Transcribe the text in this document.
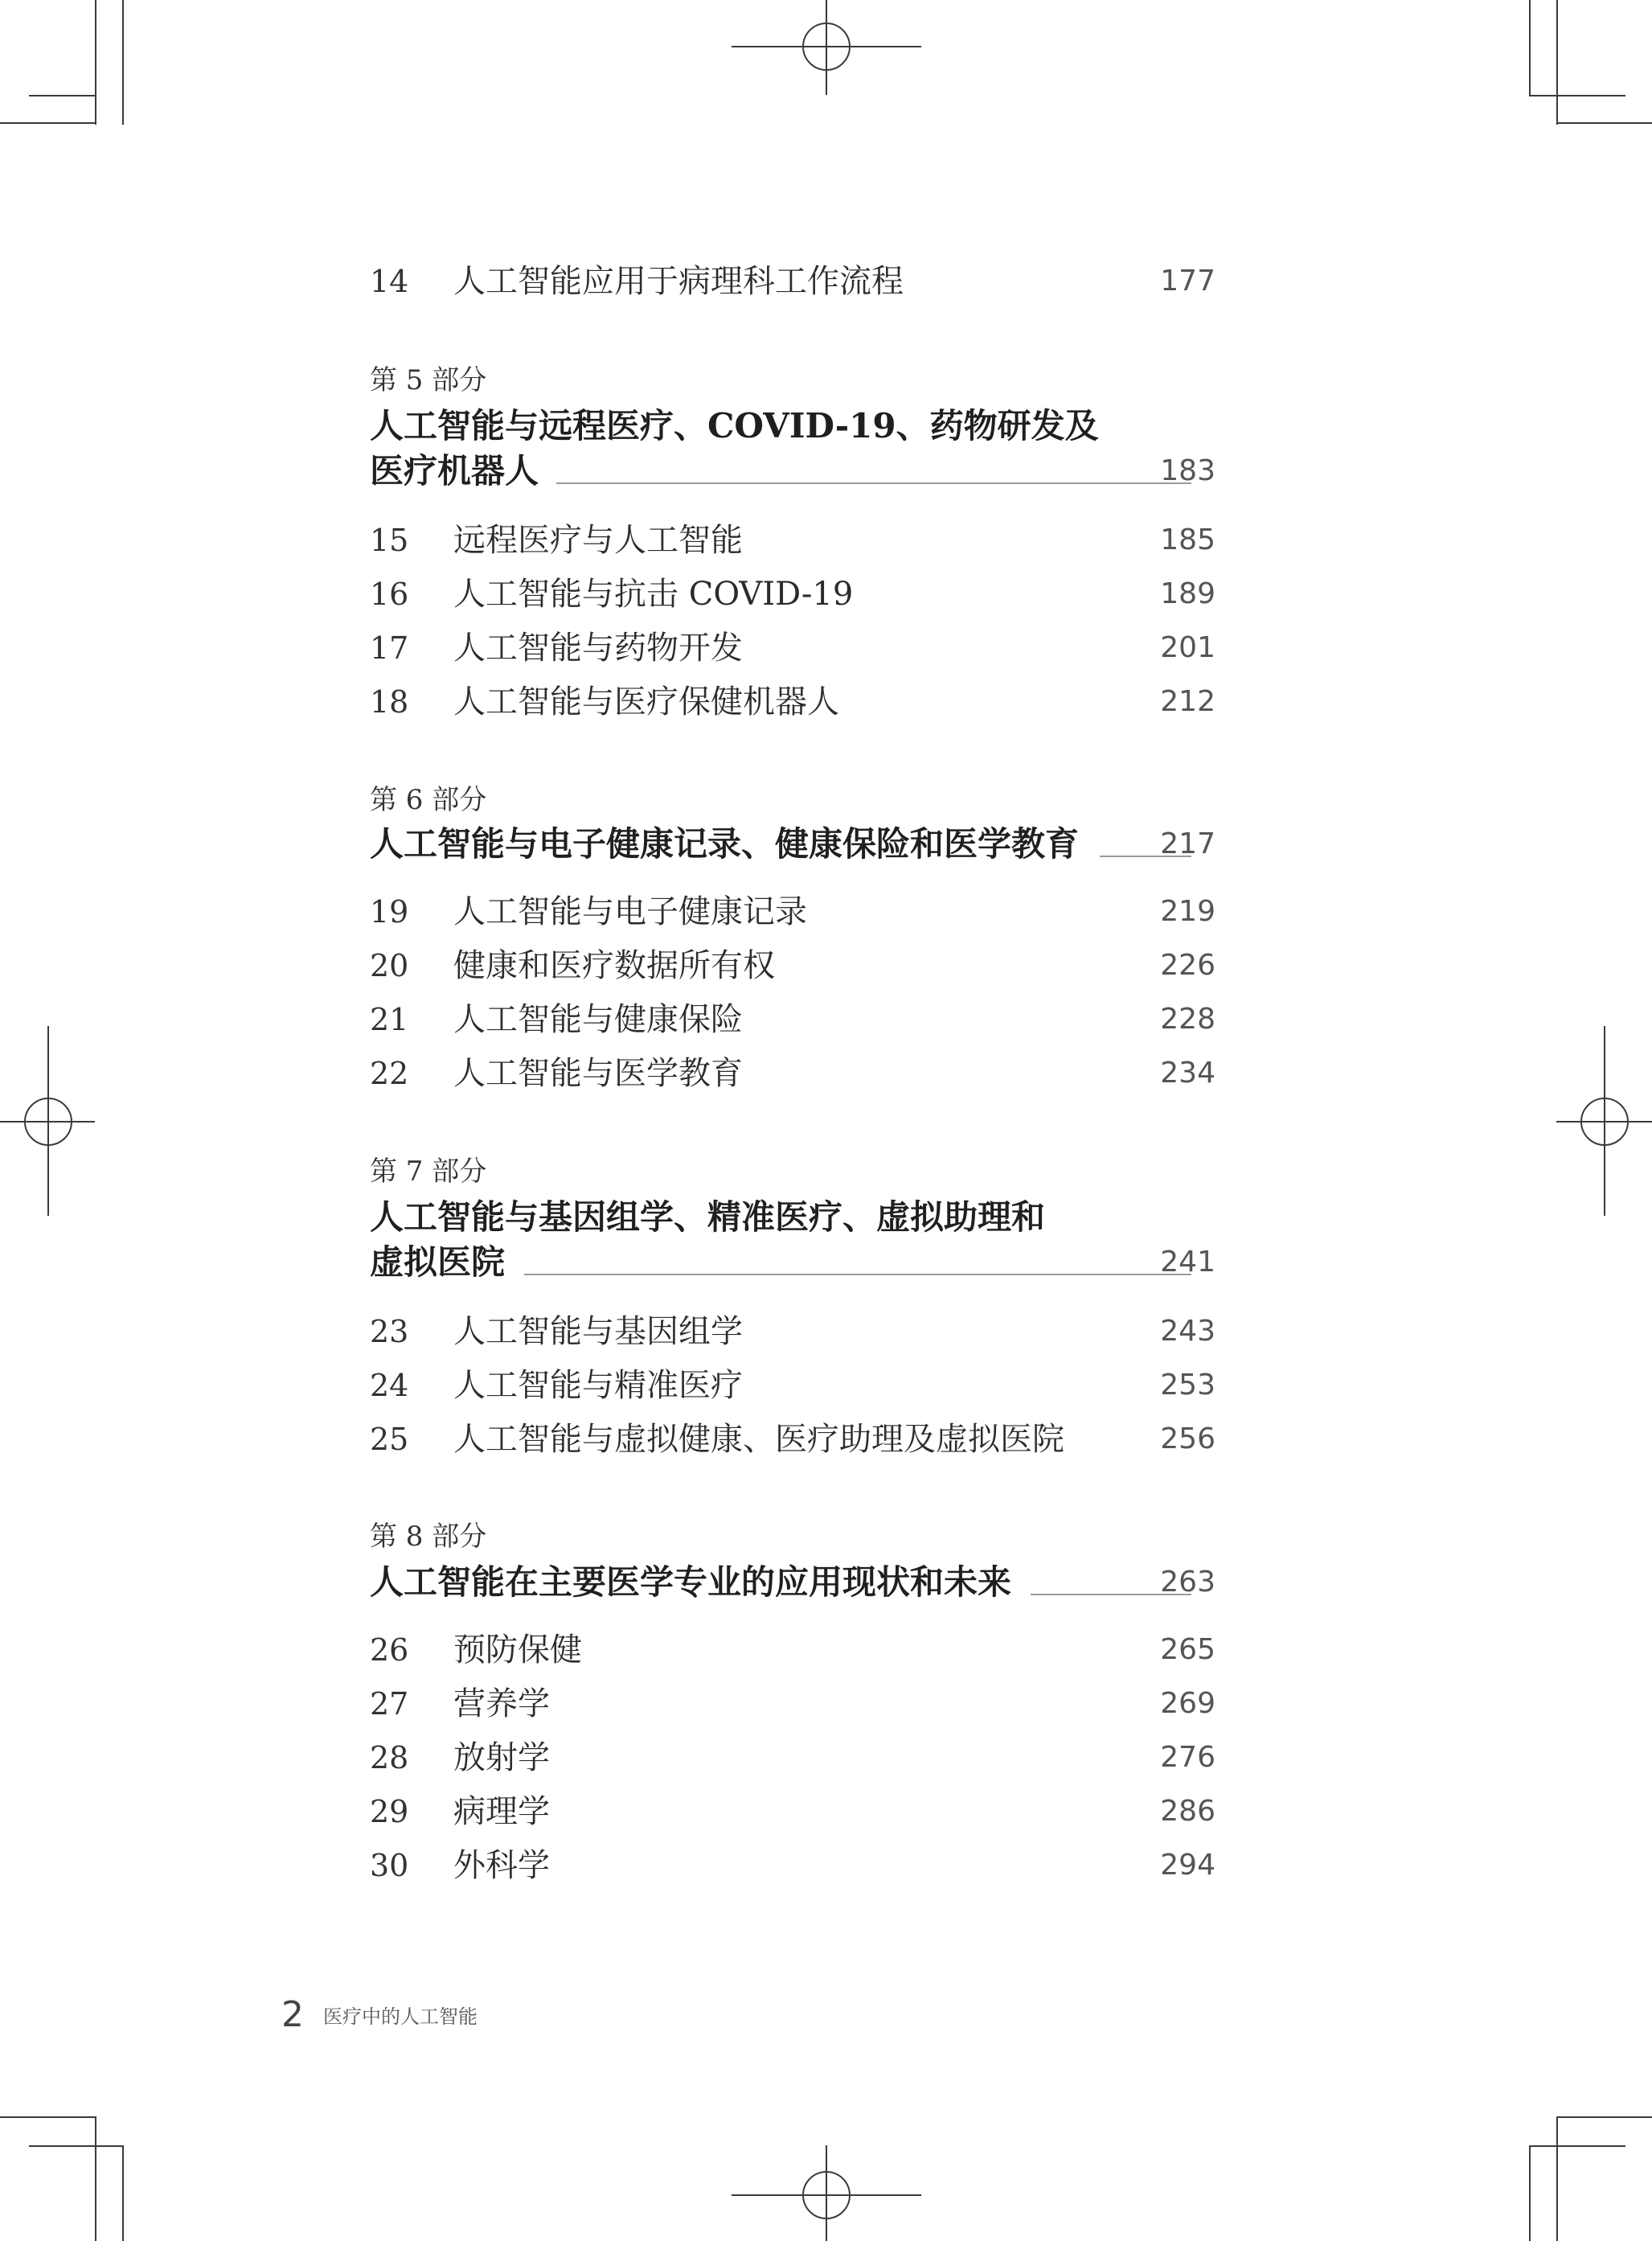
14 人工智能应用于病理科工作流程	177
第 5 部分
人工智能与远程医疗、COVID-19、药物研发及
医疗机器人	183
15 远程医疗与人工智能	185
16 人工智能与抗击 COVID-19	189
17 人工智能与药物开发	201
18 人工智能与医疗保健机器人	212
第 6 部分
人工智能与电子健康记录、健康保险和医学教育	217
19 人工智能与电子健康记录	219
20 健康和医疗数据所有权	226
21 人工智能与健康保险	228
22 人工智能与医学教育	234
第 7 部分
人工智能与基因组学、精准医疗、虚拟助理和
虚拟医院	241
23 人工智能与基因组学	243
24 人工智能与精准医疗	253
25 人工智能与虚拟健康、医疗助理及虚拟医院	256
第 8 部分
人工智能在主要医学专业的应用现状和未来	263
26 预防保健	265
27 营养学	269
28 放射学	276
29 病理学	286
30 外科学	294
2 医疗中的人工智能
